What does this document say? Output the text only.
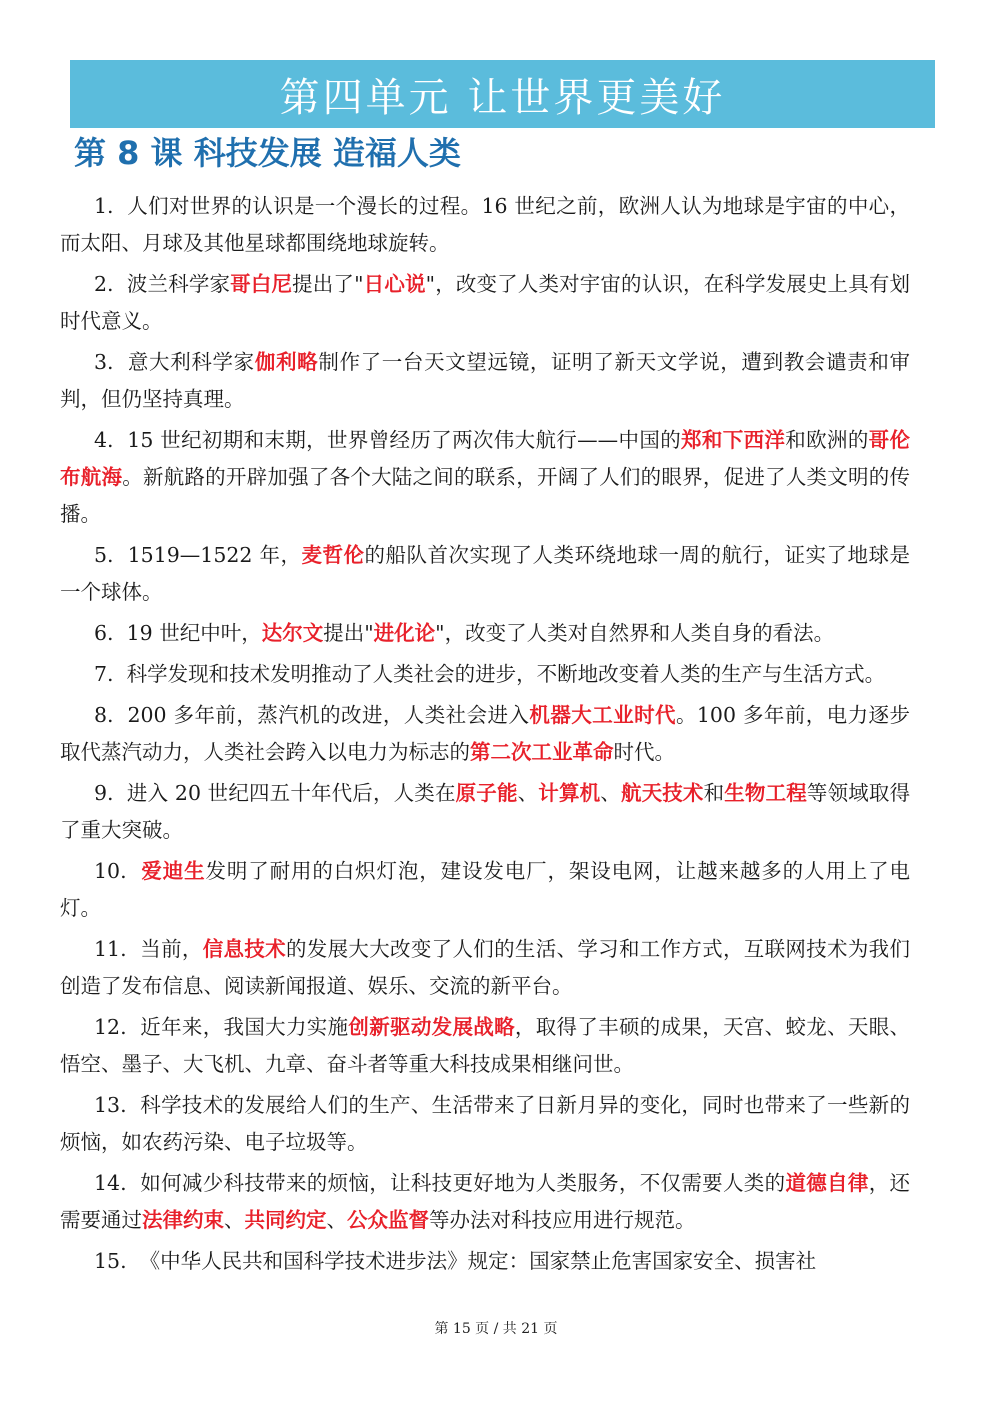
第四单元 让世界更美好
第 8 课 科技发展 造福人类

1. 人们对世界的认识是一个漫长的过程。16 世纪之前，欧洲人认为地球是宇宙的中心，而太阳、月球及其他星球都围绕地球旋转。

2. 波兰科学家哥白尼提出了"日心说"，改变了人类对宇宙的认识，在科学发展史上具有划时代意义。

3. 意大利科学家伽利略制作了一台天文望远镜，证明了新天文学说，遭到教会谴责和审判，但仍坚持真理。

4. 15 世纪初期和末期，世界曾经历了两次伟大航行——中国的郑和下西洋和欧洲的哥伦布航海。新航路的开辟加强了各个大陆之间的联系，开阔了人们的眼界，促进了人类文明的传播。

5. 1519—1522 年，麦哲伦的船队首次实现了人类环绕地球一周的航行，证实了地球是一个球体。

6. 19 世纪中叶，达尔文提出"进化论"，改变了人类对自然界和人类自身的看法。

7. 科学发现和技术发明推动了人类社会的进步，不断地改变着人类的生产与生活方式。

8. 200 多年前，蒸汽机的改进，人类社会进入机器大工业时代。100 多年前，电力逐步取代蒸汽动力，人类社会跨入以电力为标志的第二次工业革命时代。

9. 进入 20 世纪四五十年代后，人类在原子能、计算机、航天技术和生物工程等领域取得了重大突破。

10. 爱迪生发明了耐用的白炽灯泡，建设发电厂，架设电网，让越来越多的人用上了电灯。

11. 当前，信息技术的发展大大改变了人们的生活、学习和工作方式，互联网技术为我们创造了发布信息、阅读新闻报道、娱乐、交流的新平台。

12. 近年来，我国大力实施创新驱动发展战略，取得了丰硕的成果，天宫、蛟龙、天眼、悟空、墨子、大飞机、九章、奋斗者等重大科技成果相继问世。

13. 科学技术的发展给人们的生产、生活带来了日新月异的变化，同时也带来了一些新的烦恼，如农药污染、电子垃圾等。

14. 如何减少科技带来的烦恼，让科技更好地为人类服务，不仅需要人类的道德自律，还需要通过法律约束、共同约定、公众监督等办法对科技应用进行规范。

15. 《中华人民共和国科学技术进步法》规定：国家禁止危害国家安全、损害社

第 15 页 / 共 21 页
